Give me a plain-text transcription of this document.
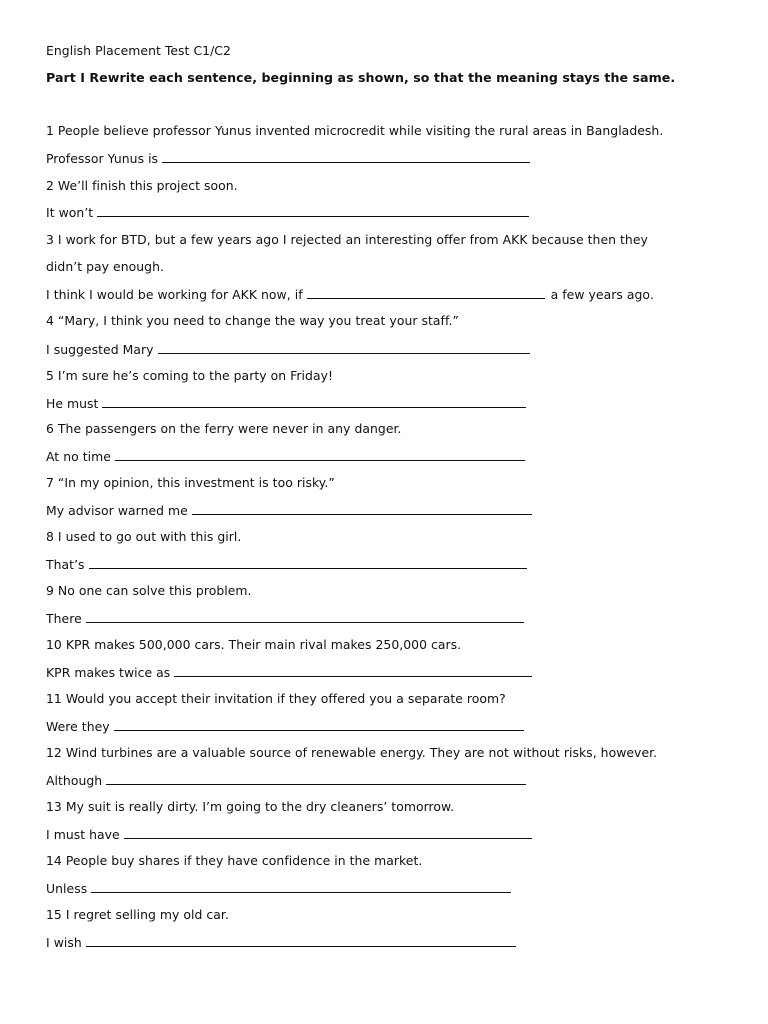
English Placement Test C1/C2
Part I Rewrite each sentence, beginning as shown, so that the meaning stays the same.
1 People believe professor Yunus invented microcredit while visiting the rural areas in Bangladesh.
Professor Yunus is
2 We’ll finish this project soon.
It won’t
3 I work for BTD, but a few years ago I rejected an interesting offer from AKK because then they
didn’t pay enough.
I think I would be working for AKK now, if	a few years ago.
4 “Mary, I think you need to change the way you treat your staff.”
I suggested Mary
5 I’m sure he’s coming to the party on Friday!
He must
6 The passengers on the ferry were never in any danger.
At no time
7 “In my opinion, this investment is too risky.”
My advisor warned me
8 I used to go out with this girl.
That’s
9 No one can solve this problem.
There
10 KPR makes 500,000 cars. Their main rival makes 250,000 cars.
KPR makes twice as
11 Would you accept their invitation if they offered you a separate room?
Were they
12 Wind turbines are a valuable source of renewable energy. They are not without risks, however.
Although
13 My suit is really dirty. I’m going to the dry cleaners’ tomorrow.
I must have
14 People buy shares if they have confidence in the market.
Unless
15 I regret selling my old car.
I wish
